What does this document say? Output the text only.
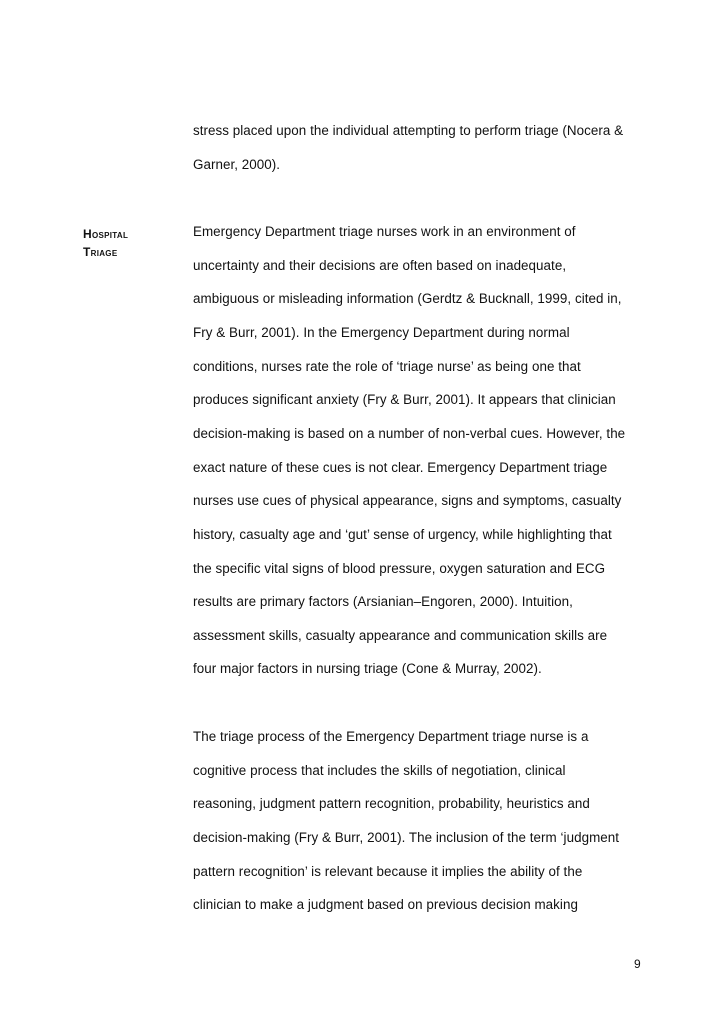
stress placed upon the individual attempting to perform triage (Nocera &
Garner, 2000).
Hospital
Triage
Emergency Department triage nurses work in an environment of
uncertainty and their decisions are often based on inadequate,
ambiguous or misleading information (Gerdtz & Bucknall, 1999, cited in,
Fry & Burr, 2001). In the Emergency Department during normal
conditions, nurses rate the role of ‘triage nurse’ as being one that
produces significant anxiety (Fry & Burr, 2001). It appears that clinician
decision-making is based on a number of non-verbal cues. However, the
exact nature of these cues is not clear. Emergency Department triage
nurses use cues of physical appearance, signs and symptoms, casualty
history, casualty age and ‘gut’ sense of urgency, while highlighting that
the specific vital signs of blood pressure, oxygen saturation and ECG
results are primary factors (Arsianian–Engoren, 2000). Intuition,
assessment skills, casualty appearance and communication skills are
four major factors in nursing triage (Cone & Murray, 2002).
The triage process of the Emergency Department triage nurse is a
cognitive process that includes the skills of negotiation, clinical
reasoning, judgment pattern recognition, probability, heuristics and
decision-making (Fry & Burr, 2001). The inclusion of the term ‘judgment
pattern recognition’ is relevant because it implies the ability of the
clinician to make a judgment based on previous decision making
9
